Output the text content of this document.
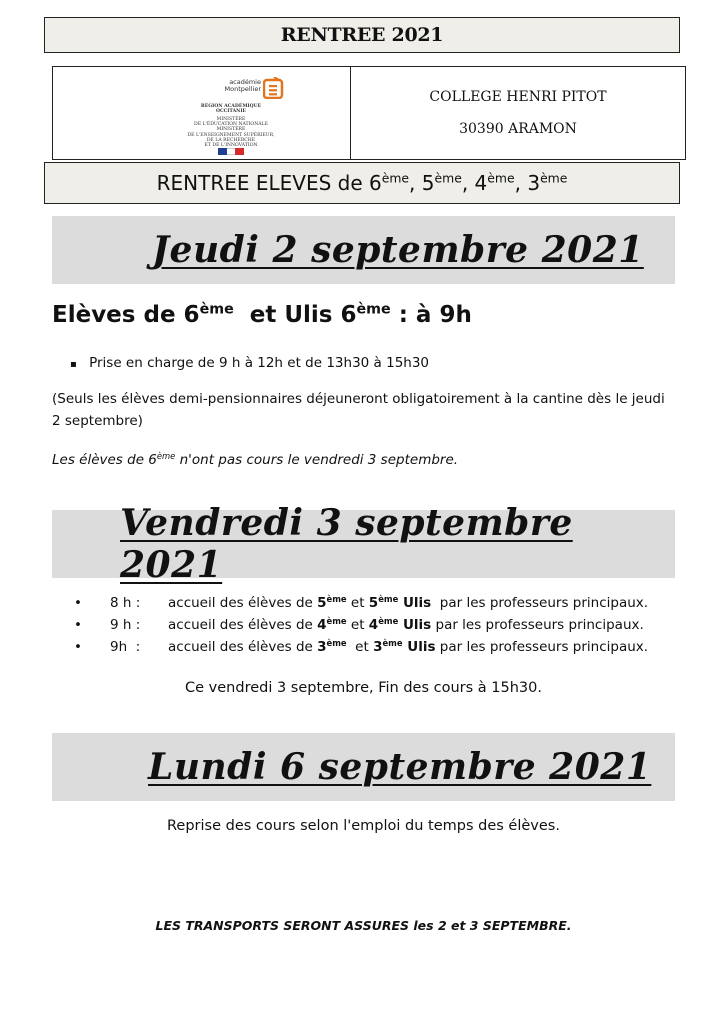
RENTREE 2021
académie
Montpellier
RÉGION ACADÉMIQUE
OCCITANIE
MINISTÈRE
DE L'ÉDUCATION NATIONALE
MINISTÈRE
DE L'ENSEIGNEMENT SUPÉRIEUR,
DE LA RECHERCHE
ET DE L'INNOVATION
COLLEGE HENRI PITOT
30390 ARAMON
RENTREE ELEVES de 6ème, 5ème, 4ème, 3ème
Jeudi 2 septembre 2021
Elèves de 6ème  et Ulis 6ème : à 9h
▪ Prise en charge de 9 h à 12h et de 13h30 à 15h30
(Seuls les élèves demi-pensionnaires déjeuneront obligatoirement à la cantine dès le jeudi 2 septembre)
Les élèves de 6ème n'ont pas cours le vendredi 3 septembre.
Vendredi 3 septembre 2021
•	8 h :	accueil des élèves de 5ème et 5ème Ulis  par les professeurs principaux.
•	9 h :	accueil des élèves de 4ème et 4ème Ulis par les professeurs principaux.
•	9h  :	accueil des élèves de 3ème  et 3ème Ulis par les professeurs principaux.
Ce vendredi 3 septembre, Fin des cours à 15h30.
Lundi 6 septembre 2021
Reprise des cours selon l'emploi du temps des élèves.
LES TRANSPORTS SERONT ASSURES les 2 et 3 SEPTEMBRE.
